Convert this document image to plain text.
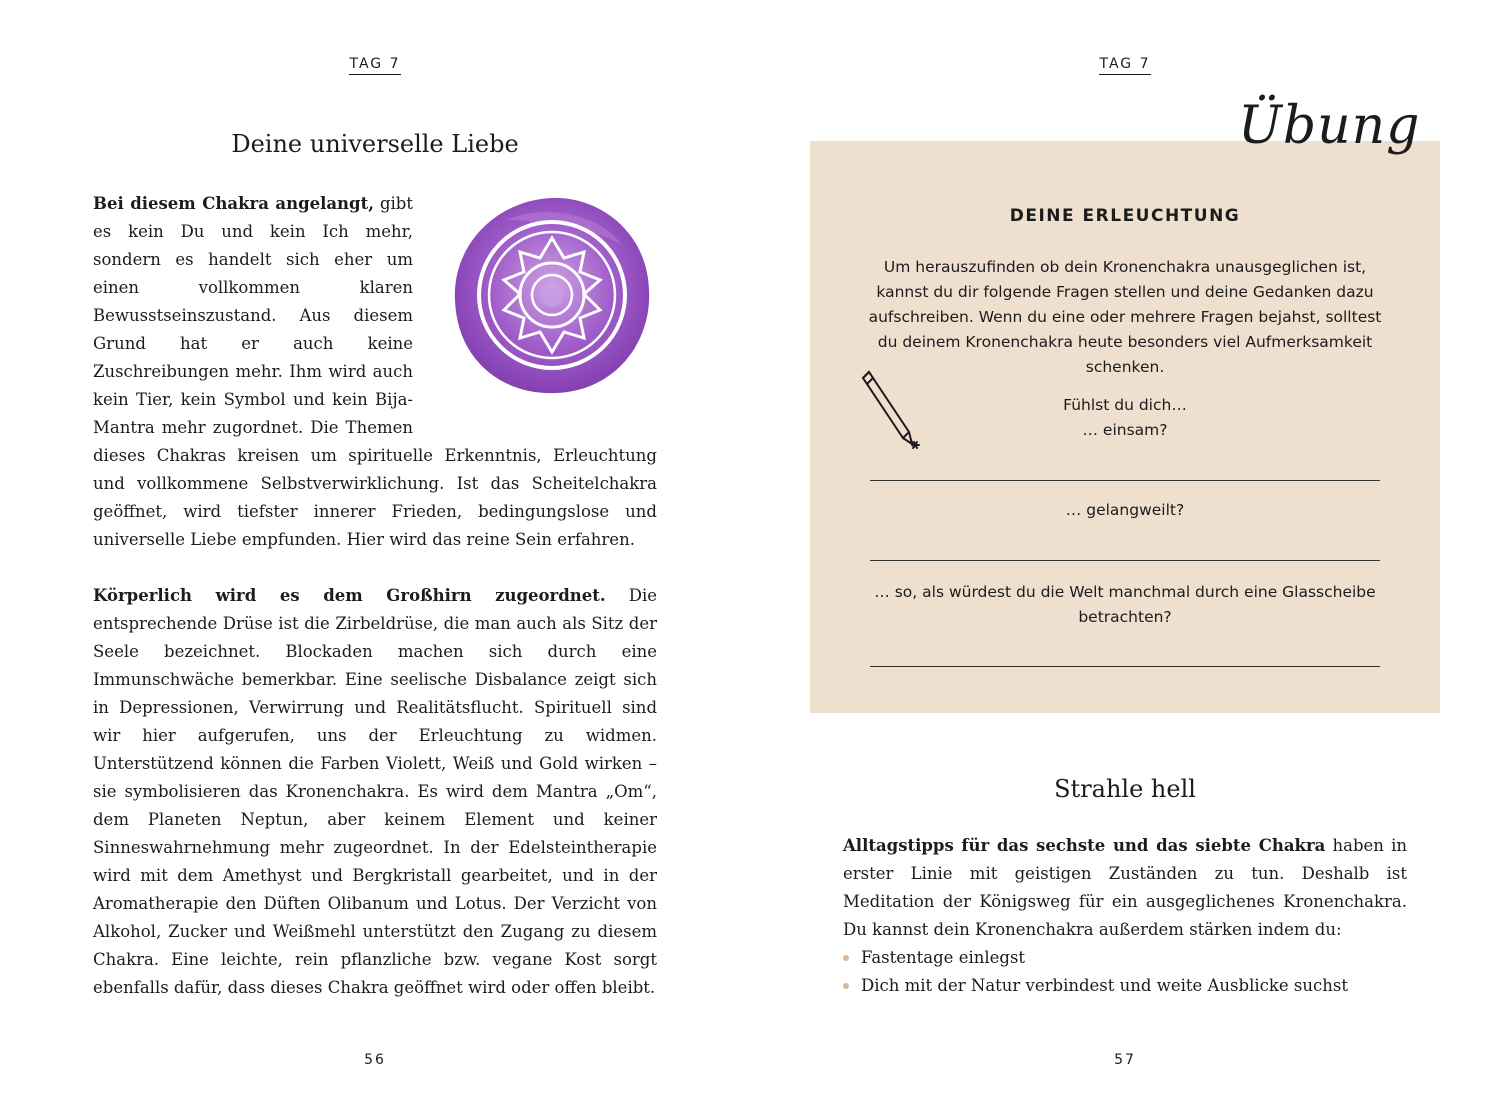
TAG 7
Deine universelle Liebe

Bei diesem Chakra angelangt, gibt es kein Du und kein Ich mehr, sondern es handelt sich eher um einen vollkommen klaren Bewusstseinszustand. Aus diesem Grund hat er auch keine Zuschreibungen mehr. Ihm wird auch kein Tier, kein Symbol und kein Bija-Mantra mehr zugordnet. Die Themen dieses Chakras kreisen um spirituelle Erkenntnis, Erleuchtung und vollkommene Selbstverwirklichung. Ist das Scheitelchakra geöffnet, wird tiefster innerer Frieden, bedingungslose und universelle Liebe empfunden. Hier wird das reine Sein erfahren.

Körperlich wird es dem Großhirn zugeordnet. Die entsprechende Drüse ist die Zirbeldrüse, die man auch als Sitz der Seele bezeichnet. Blockaden machen sich durch eine Immunschwäche bemerkbar. Eine seelische Disbalance zeigt sich in Depressionen, Verwirrung und Realitätsflucht. Spirituell sind wir hier aufgerufen, uns der Erleuchtung zu widmen. Unterstützend können die Farben Violett, Weiß und Gold wirken – sie symbolisieren das Kronenchakra. Es wird dem Mantra „Om“, dem Planeten Neptun, aber keinem Element und keiner Sinneswahrnehmung mehr zugeordnet. In der Edelsteintherapie wird mit dem Amethyst und Bergkristall gearbeitet, und in der Aromatherapie den Düften Olibanum und Lotus. Der Verzicht von Alkohol, Zucker und Weißmehl unterstützt den Zugang zu diesem Chakra. Eine leichte, rein pflanzliche bzw. vegane Kost sorgt ebenfalls dafür, dass dieses Chakra geöffnet wird oder offen bleibt.

56
TAG 7
Übung
DEINE ERLEUCHTUNG
Um herauszufinden ob dein Kronenchakra unausgeglichen ist, kannst du dir folgende Fragen stellen und deine Gedanken dazu aufschreiben. Wenn du eine oder mehrere Fragen bejahst, solltest du deinem Kronenchakra heute besonders viel Aufmerksamkeit schenken.
Fühlst du dich…
… einsam?
… gelangweilt?
… so, als würdest du die Welt manchmal durch eine Glasscheibe betrachten?
Strahle hell

Alltagstipps für das sechste und das siebte Chakra haben in erster Linie mit geistigen Zuständen zu tun. Deshalb ist Meditation der Königsweg für ein ausgeglichenes Kronenchakra. Du kannst dein Kronenchakra außerdem stärken indem du:

Fastentage einlegst
Dich mit der Natur verbindest und weite Ausblicke suchst
57
